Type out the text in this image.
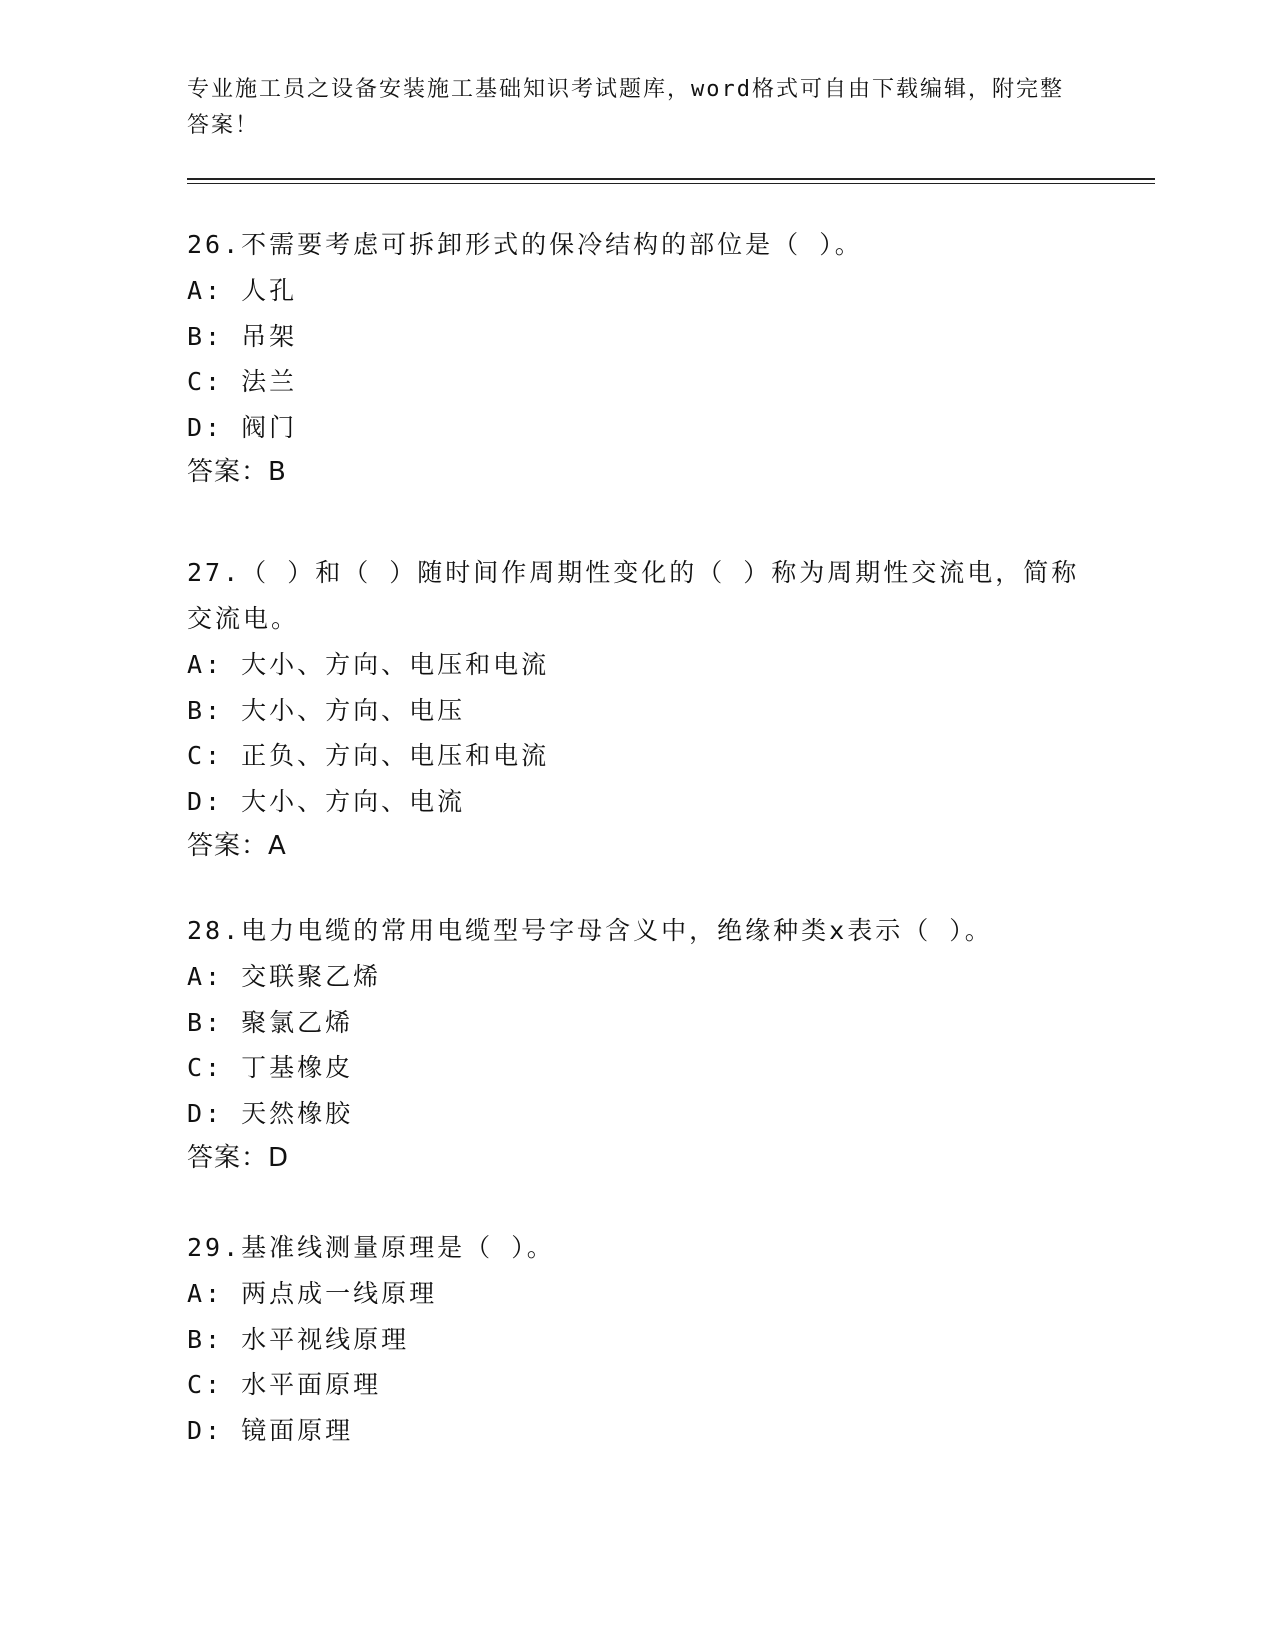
专业施工员之设备安装施工基础知识考试题库，word格式可自由下载编辑，附完整答案！
26.不需要考虑可拆卸形式的保冷结构的部位是（ ）。
A: 人孔
B: 吊架
C: 法兰
D: 阀门
答案：B
27.（ ）和（ ）随时间作周期性变化的（ ）称为周期性交流电，简称交流电。
A: 大小、方向、电压和电流
B: 大小、方向、电压
C: 正负、方向、电压和电流
D: 大小、方向、电流
答案：A
28.电力电缆的常用电缆型号字母含义中，绝缘种类x表示（ ）。
A: 交联聚乙烯
B: 聚氯乙烯
C: 丁基橡皮
D: 天然橡胶
答案：D
29.基准线测量原理是（ ）。
A: 两点成一线原理
B: 水平视线原理
C: 水平面原理
D: 镜面原理
